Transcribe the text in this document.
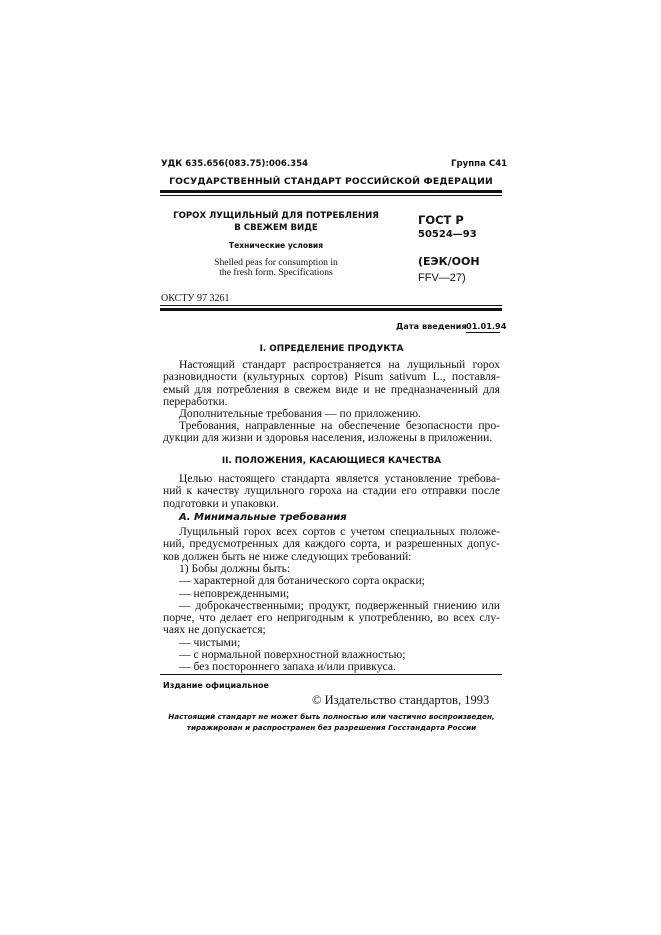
УДК 635.656(083.75):006.354	Группа С41
ГОСУДАРСТВЕННЫЙ СТАНДАРТ РОССИЙСКОЙ ФЕДЕРАЦИИ
ГОРОХ ЛУЩИЛЬНЫЙ ДЛЯ ПОТРЕБЛЕНИЯ
В СВЕЖЕМ ВИДЕ
Технические условия
Shelled peas for consumption in
the fresh form. Specifications
ГОСТ Р
50524—93
(ЕЭК/ООН
FFV—27)
ОКСТУ 97 3261
Дата введения 01.01.94
I. ОПРЕДЕЛЕНИЕ ПРОДУКТА
Настоящий стандарт распространяется на лущильный горох
разновидности (культурных сортов) Pisum sativum L., поставля-
емый для потребления в свежем виде и не предназначенный для
переработки.
Дополнительные требования — по приложению.
Требования, направленные на обеспечение безопасности про-
дукции для жизни и здоровья населения, изложены в приложении.
II. ПОЛОЖЕНИЯ, КАСАЮЩИЕСЯ КАЧЕСТВА
Целью настоящего стандарта является установление требова-
ний к качеству лущильного гороха на стадии его отправки после
подготовки и упаковки.
А. Минимальные требования
Лущильный горох всех сортов с учетом специальных положе-
ний, предусмотренных для каждого сорта, и разрешенных допус-
ков должен быть не ниже следующих требований:
1) Бобы должны быть:
— характерной для ботанического сорта окраски;
— неповрежденными;
— доброкачественными; продукт, подверженный гниению или
порче, что делает его непригодным к употреблению, во всех слу-
чаях не допускается;
— чистыми;
— с нормальной поверхностной влажностью;
— без постороннего запаха и/или привкуса.
Издание официальное
© Издательство стандартов, 1993
Настоящий стандарт не может быть полностью или частично воспроизведен,
тиражирован и распространен без разрешения Госстандарта России
